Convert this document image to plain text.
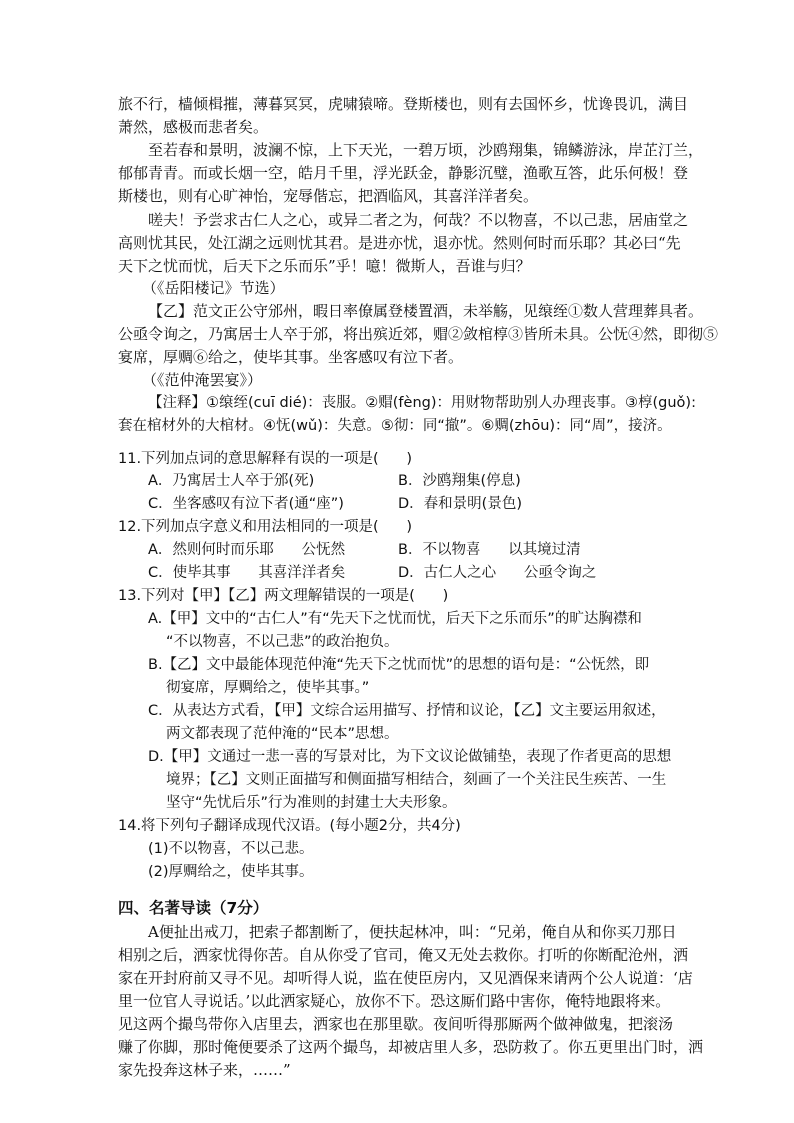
旅不行，樯倾楫摧，薄暮冥冥，虎啸猿啼。登斯楼也，则有去国怀乡，忧谗畏讥，满目
萧然，感极而悲者矣。
至若春和景明，波澜不惊，上下天光，一碧万顷，沙鸥翔集，锦鳞游泳，岸芷汀兰，
郁郁青青。而或长烟一空，皓月千里，浮光跃金，静影沉璧，渔歌互答，此乐何极！登
斯楼也，则有心旷神怡，宠辱偕忘，把酒临风，其喜洋洋者矣。
嗟夫！予尝求古仁人之心，或异二者之为，何哉？不以物喜，不以己悲，居庙堂之
高则忧其民，处江湖之远则忧其君。是进亦忧，退亦忧。然则何时而乐耶？其必曰“先
天下之忧而忧，后天下之乐而乐”乎！噫！微斯人，吾谁与归？
（《岳阳楼记》节选）
【乙】范文正公守邠州，暇日率僚属登楼置酒，未举觞，见缞绖①数人营理葬具者。
公亟令询之，乃寓居士人卒于邠，将出殡近郊，赗②敛棺椁③皆所未具。公怃④然，即彻⑤
宴席，厚赒⑥给之，使毕其事。坐客感叹有泣下者。
（《范仲淹罢宴》）
【注释】①缞绖(cuī dié)：丧服。②赗(fèng)：用财物帮助别人办理丧事。③椁(guǒ):
套在棺材外的大棺材。④怃(wǔ)：失意。⑤彻：同“撤”。⑥赒(zhōu)：同“周”，接济。
11.下列加点词的意思解释有误的一项是(      )
A．乃寓居士人卒于邠(死)	B．沙鸥翔集(停息)
C．坐客感叹有泣下者(通“座”)	D．春和景明(景色)
12.下列加点字意义和用法相同的一项是(      )
A．然则何时而乐耶      公怃然	B．不以物喜      以其境过清
C．使毕其事      其喜洋洋者矣	D．古仁人之心      公亟令询之
13.下列对【甲】【乙】两文理解错误的一项是(      )
A.【甲】文中的“古仁人”有“先天下之忧而忧，后天下之乐而乐”的旷达胸襟和
“不以物喜，不以己悲”的政治抱负。
B.【乙】文中最能体现范仲淹“先天下之忧而忧”的思想的语句是：“公怃然，即
彻宴席，厚赒给之，使毕其事。”
C．从表达方式看，【甲】文综合运用描写、抒情和议论，【乙】文主要运用叙述，
两文都表现了范仲淹的“民本”思想。
D.【甲】文通过一悲一喜的写景对比，为下文议论做铺垫，表现了作者更高的思想
境界；【乙】文则正面描写和侧面描写相结合，刻画了一个关注民生疾苦、一生
坚守“先忧后乐”行为准则的封建士大夫形象。
14.将下列句子翻译成现代汉语。(每小题2分，共4分)
(1)不以物喜，不以己悲。
(2)厚赒给之，使毕其事。
四、名著导读（7分）
A便扯出戒刀，把索子都割断了，便扶起林冲，叫：“兄弟，俺自从和你买刀那日
相别之后，洒家忧得你苦。自从你受了官司，俺又无处去救你。打听的你断配沧州，洒
家在开封府前又寻不见。却听得人说，监在使臣房内，又见酒保来请两个公人说道：‘店
里一位官人寻说话。’以此洒家疑心，放你不下。恐这厮们路中害你，俺特地跟将来。
见这两个撮鸟带你入店里去，洒家也在那里歇。夜间听得那厮两个做神做鬼，把滚汤
赚了你脚，那时俺便要杀了这两个撮鸟，却被店里人多，恐防救了。你五更里出门时，洒
家先投奔这林子来，……”
